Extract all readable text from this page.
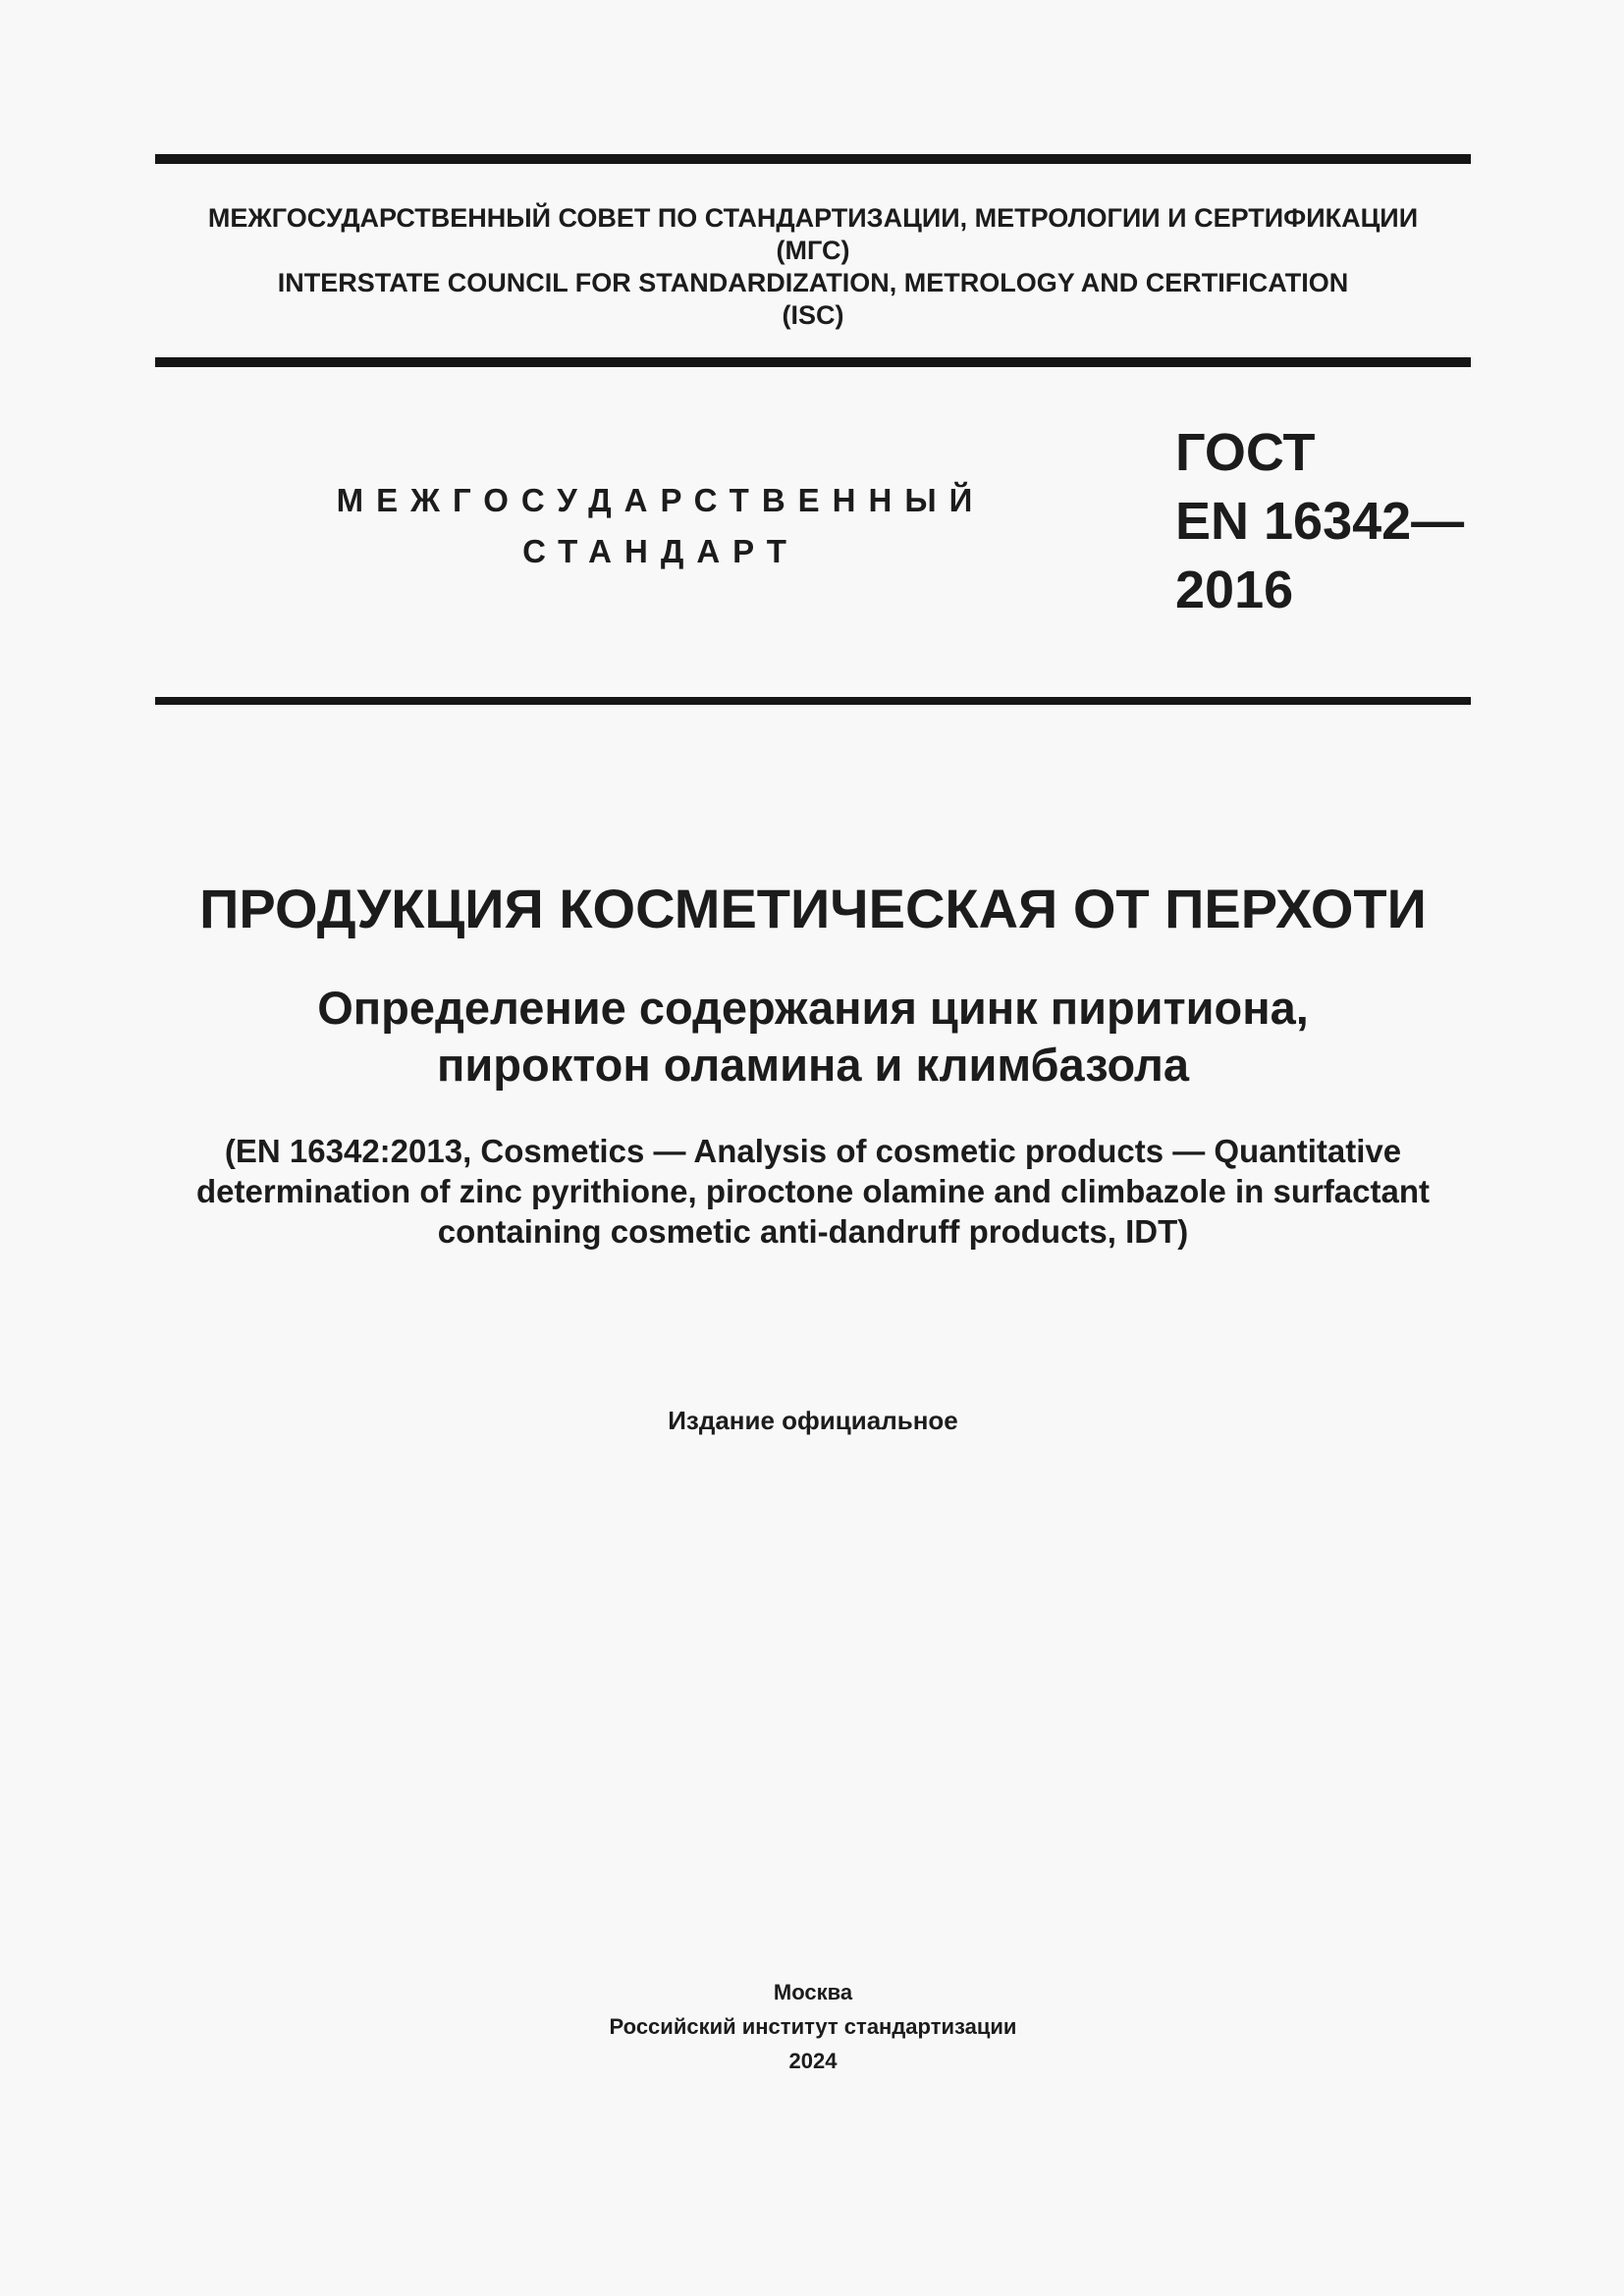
МЕЖГОСУДАРСТВЕННЫЙ СОВЕТ ПО СТАНДАРТИЗАЦИИ, МЕТРОЛОГИИ И СЕРТИФИКАЦИИ
(МГС)
INTERSTATE COUNCIL FOR STANDARDIZATION, METROLOGY AND CERTIFICATION
(ISC)
МЕЖГОСУДАРСТВЕННЫЙ
СТАНДАРТ
ГОСТ
EN 16342—
2016
ПРОДУКЦИЯ КОСМЕТИЧЕСКАЯ ОТ ПЕРХОТИ
Определение содержания цинк пиритиона,
пироктон оламина и климбазола
(EN 16342:2013, Cosmetics — Analysis of cosmetic products — Quantitative
determination of zinc pyrithione, piroctone olamine and climbazole in surfactant
containing cosmetic anti-dandruff products, IDT)
Издание официальное
Москва
Российский институт стандартизации
2024
